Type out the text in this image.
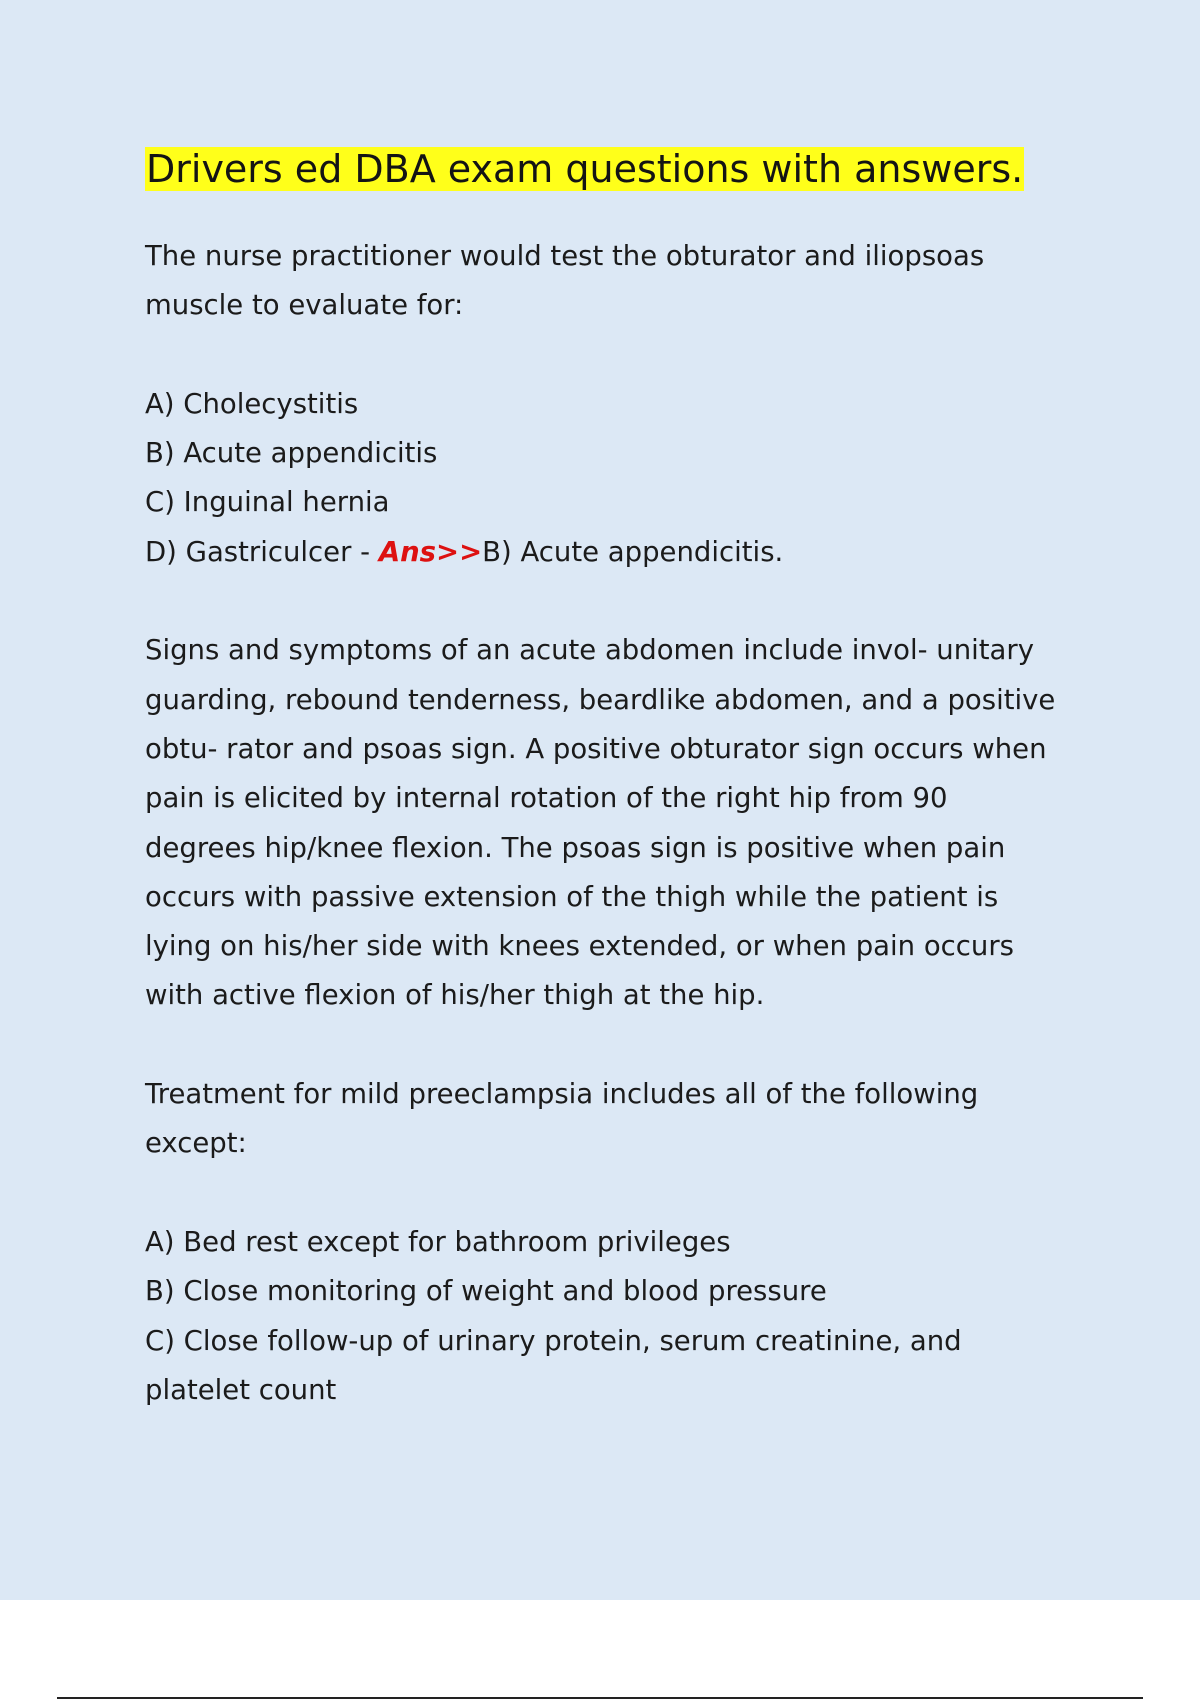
Drivers ed DBA exam questions with answers.

The nurse practitioner would test the obturator and iliopsoas

muscle to evaluate for:

A) Cholecystitis

B) Acute appendicitis

C) Inguinal hernia

D) Gastriculcer - Ans>>B) Acute appendicitis.

Signs and symptoms of an acute abdomen include invol- unitary

guarding, rebound tenderness, beardlike abdomen, and a positive

obtu- rator and psoas sign. A positive obturator sign occurs when

pain is elicited by internal rotation of the right hip from 90

degrees hip/knee flexion. The psoas sign is positive when pain

occurs with passive extension of the thigh while the patient is

lying on his/her side with knees extended, or when pain occurs

with active flexion of his/her thigh at the hip.

Treatment for mild preeclampsia includes all of the following

except:

A) Bed rest except for bathroom privileges

B) Close monitoring of weight and blood pressure

C) Close follow-up of urinary protein, serum creatinine, and

platelet count
